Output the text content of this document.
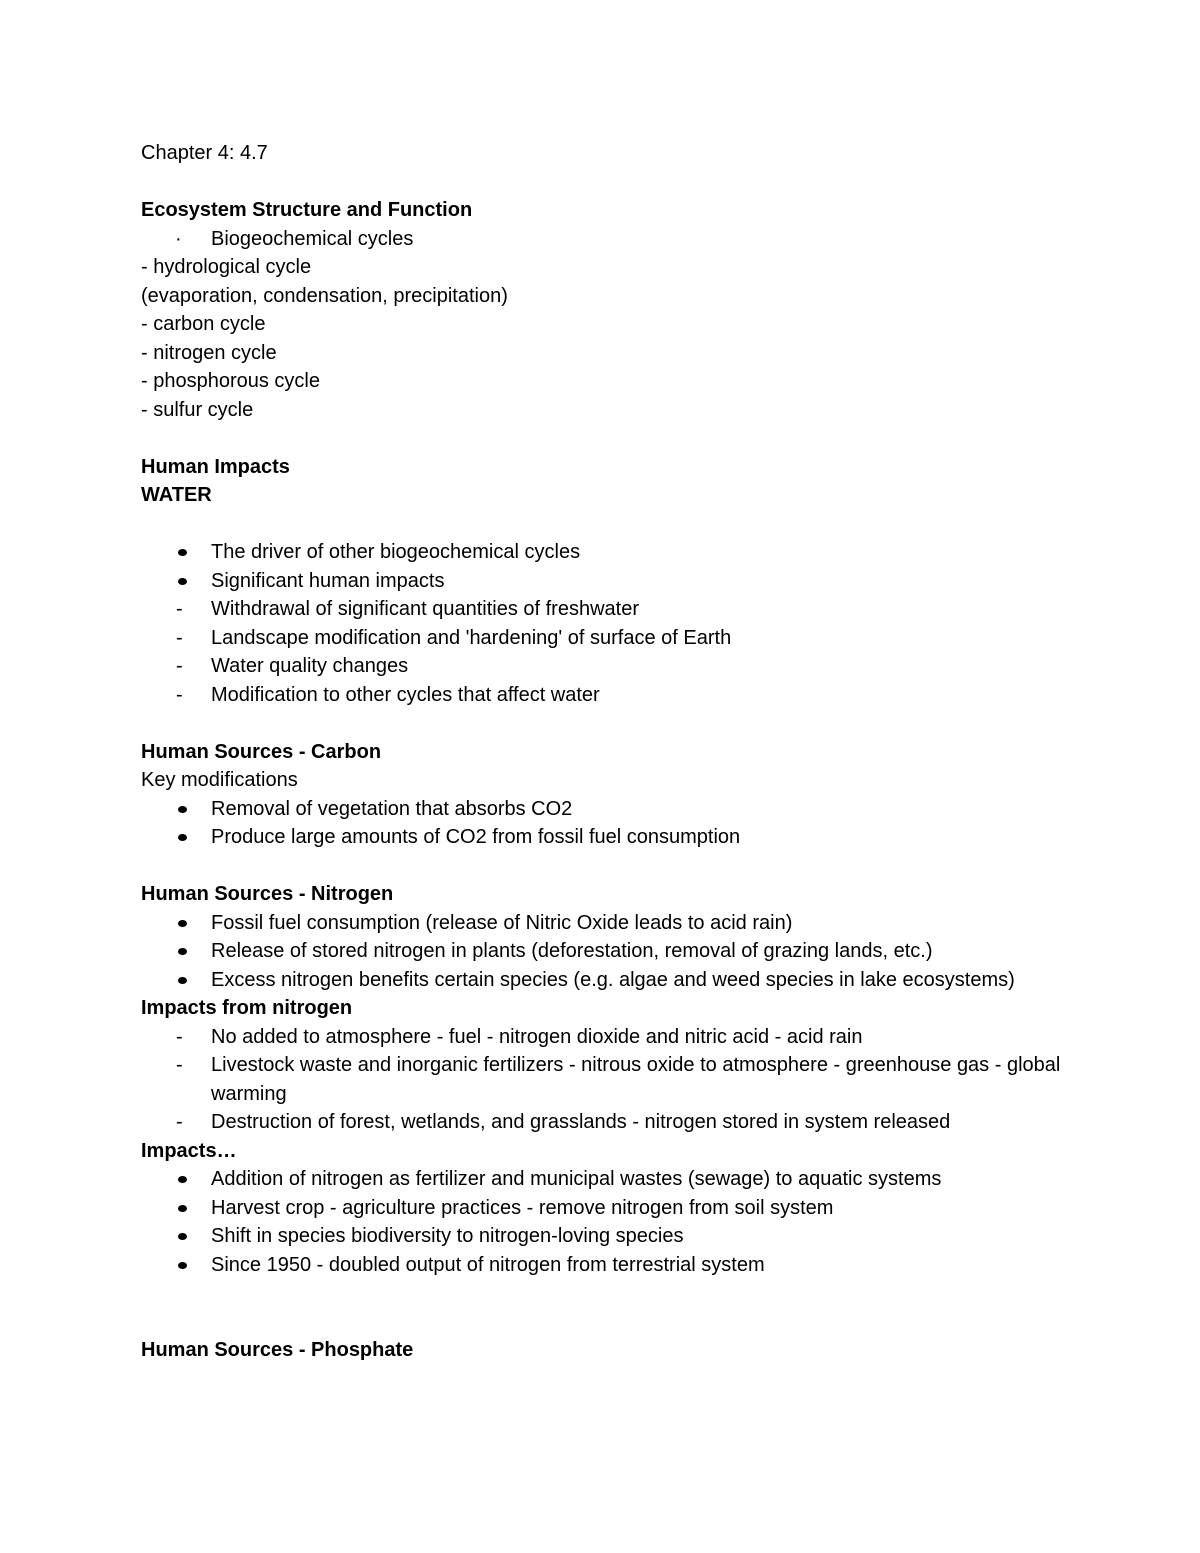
Chapter 4: 4.7
Ecosystem Structure and Function
Biogeochemical cycles
- hydrological cycle
(evaporation, condensation, precipitation)
- carbon cycle
- nitrogen cycle
- phosphorous cycle
- sulfur cycle
Human Impacts
WATER
The driver of other biogeochemical cycles
Significant human impacts
Withdrawal of significant quantities of freshwater
Landscape modification and 'hardening' of surface of Earth
Water quality changes
Modification to other cycles that affect water
Human Sources - Carbon
Key modifications
Removal of vegetation that absorbs CO2
Produce large amounts of CO2 from fossil fuel consumption
Human Sources - Nitrogen
Fossil fuel consumption (release of Nitric Oxide leads to acid rain)
Release of stored nitrogen in plants (deforestation, removal of grazing lands, etc.)
Excess nitrogen benefits certain species (e.g. algae and weed species in lake ecosystems)
Impacts from nitrogen
No added to atmosphere - fuel - nitrogen dioxide and nitric acid - acid rain
Livestock waste and inorganic fertilizers - nitrous oxide to atmosphere - greenhouse gas - global warming
Destruction of forest, wetlands, and grasslands - nitrogen stored in system released
Impacts…
Addition of nitrogen as fertilizer and municipal wastes (sewage) to aquatic systems
Harvest crop - agriculture practices - remove nitrogen from soil system
Shift in species biodiversity to nitrogen-loving species
Since 1950 - doubled output of nitrogen from terrestrial system
Human Sources - Phosphate
